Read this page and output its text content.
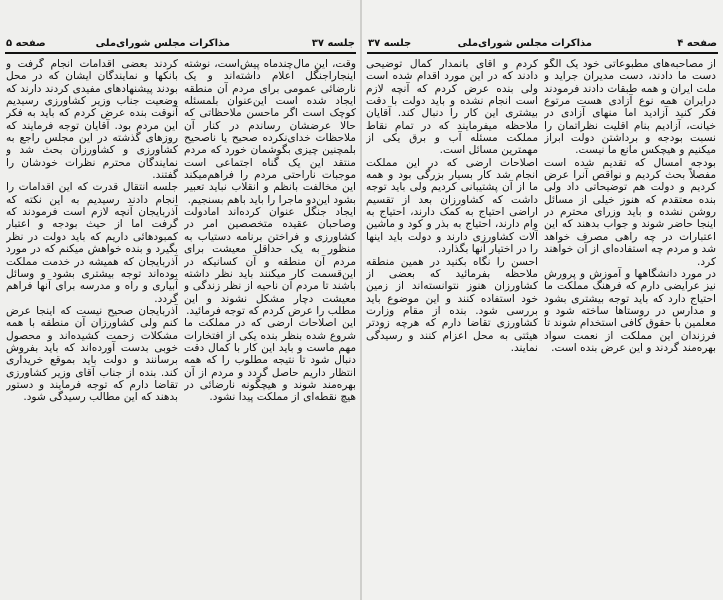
جلسه ۳۷
مذاکرات مجلس شورای‌ملی
صفحه ۵

وقت، این مال‌چندماه پیش‌است، نوشته اینجاراجنگل اعلام داشته‌اند و یک نارضائی عمومی برای مردم آن منطقه ایجاد شده است این‌عنوان بلمسئله کوچک است اگر ماحسن ملاحظاتی که حالا عرضشان رساندم در کنار آن ملاحظات خدای‌نکرده صحیح یا ناصحیح بلمچنین چیزی بگوشمان خورد که مردم منتقد این یک گناه اجتماعی است موجبات ناراحتی مردم را فراهم‌میکند این مخالفت بانظم و انقلاب نباید تعبیر بشود این‌دو ماجرا را باید باهم بسنجیم.

ایجاد جنگل عنوان کرده‌اند امادولت وصاحبان عقیده متخصصین امر در کشاورزی و فراختن برنامه دستیاب به منظور به یک حداقل معیشت برای مردم آن منطقه و آن کسانیکه در این‌قسمت کار میکنند باید نظر داشته باشند تا مردم آن ناحیه از نظر زندگی و معیشت دچار مشکل نشوند و این مطلب را عرض کردم که توجه فرمائید.

این اصلاحات ارضی که در مملکت ما شروع شده بنظر بنده یکی از افتخارات مهم ماست و باید این کار با کمال دقت دنبال شود تا نتیجه مطلوب را که همه انتظار داریم حاصل گردد و مردم از آن بهره‌مند شوند و هیچگونه نارضائی در هیچ نقطه‌ای از مملکت پیدا نشود.

کردند بعضی اقدامات انجام گرفت و بانکها و نمایندگان ایشان که در محل بودند پیشنهادهای مفیدی کردند دارند که وضعیت جناب وزیر کشاورزی رسیدیم آنوقت بنده عرض کردم که باید به فکر این مردم بود. آقایان توجه فرمایند که روزهای گذشته در این مجلس راجع به کشاورزی و کشاورزان بحث شد و نمایندگان محترم نظرات خودشان را گفتند.

جلسه انتقال قدرت که این اقدامات را انجام دادند رسیدیم به این نکته که آذربایجان آنچه لازم است فرمودند که گرفت اما از حیث بودجه و اعتبار کمبودهائی داریم که باید دولت در نظر بگیرد و بنده خواهش میکنم که در مورد آذربایجان که همیشه در خدمت مملکت بوده‌اند توجه بیشتری بشود و وسائل آبیاری و راه و مدرسه برای آنها فراهم گردد.

آذربایجان صحیح نیست که اینجا عرض کنم ولی کشاورزان آن منطقه با همه مشکلات زحمت کشیده‌اند و محصول خوبی بدست آورده‌اند که باید بفروش برسانند و دولت باید بموقع خریداری کند. بنده از جناب آقای وزیر کشاورزی تقاضا دارم که توجه فرمایند و دستور بدهند که این مطالب رسیدگی شود.

صفحه ۴
مذاکرات مجلس شورای‌ملی
جلسه ۳۷

از مصاحبه‌های مطبوعاتی خود یک الگو دست ما دادند، دست مدیران جراید و ملت ایران و همه طبقات دادند فرمودند درایران همه نوع آزادی هست مرتوع فکر کنید آزادید اما منهای آزادی در خیانت، آزادیم بنام اقلیت نظراتمان را نسبت بودجه و برداشتن دولت ابراز میکنیم و هیچکس مانع ما نیست.

بودجه امسال که تقدیم شده است مفصلاً بحث کردیم و نواقص آنرا عرض کردیم و دولت هم توضیحاتی داد ولی بنده معتقدم که هنوز خیلی از مسائل روشن نشده و باید وزرای محترم در اینجا حاضر شوند و جواب بدهند که این اعتبارات در چه راهی مصرف خواهد شد و مردم چه استفاده‌ای از آن خواهند کرد.

در مورد دانشگاهها و آموزش و پرورش نیز عرایضی دارم که فرهنگ مملکت ما احتیاج دارد که باید توجه بیشتری بشود و مدارس در روستاها ساخته شود و معلمین با حقوق کافی استخدام شوند تا فرزندان این مملکت از نعمت سواد بهره‌مند گردند و این عرض بنده است.

کردم و آقای بانمدار کمال توضیحی دادند که در این مورد اقدام شده است ولی بنده عرض کردم که آنچه لازم است انجام نشده و باید دولت با دقت بیشتری این کار را دنبال کند. آقایان ملاحظه میفرمایند که در تمام نقاط مملکت مسئله آب و برق یکی از مهمترین مسائل است.

اصلاحات ارضی که در این مملکت انجام شد کار بسیار بزرگی بود و همه ما از آن پشتیبانی کردیم ولی باید توجه داشت که کشاورزان بعد از تقسیم اراضی احتیاج به کمک دارند، احتیاج به وام دارند، احتیاج به بذر و کود و ماشین آلات کشاورزی دارند و دولت باید اینها را در اختیار آنها بگذارد.

احسن را نگاه بکنید در همین منطقه ملاحظه بفرمائید که بعضی از کشاورزان هنوز نتوانسته‌اند از زمین خود استفاده کنند و این موضوع باید بررسی شود. بنده از مقام وزارت کشاورزی تقاضا دارم که هرچه زودتر هیئتی به محل اعزام کنند و رسیدگی نمایند.
